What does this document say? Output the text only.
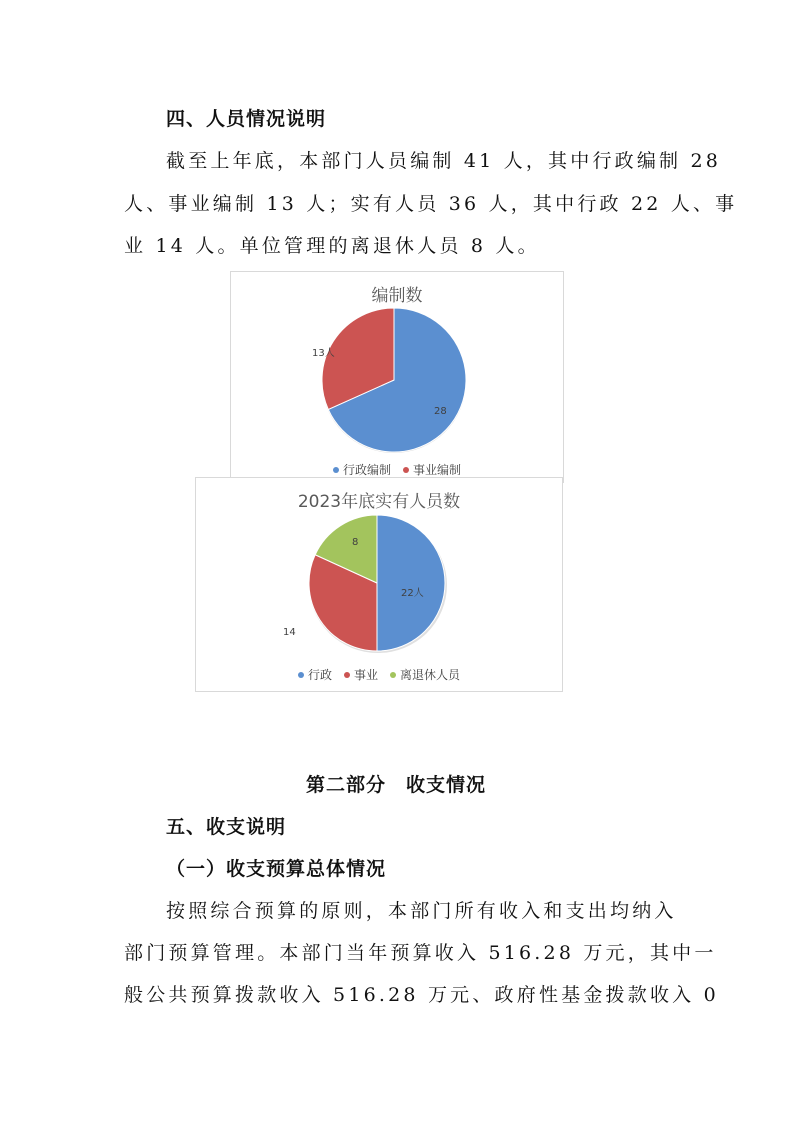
四、人员情况说明
截至上年底，本部门人员编制 41 人，其中行政编制 28
人、事业编制 13 人；实有人员 36 人，其中行政 22 人、事
业 14 人。单位管理的离退休人员 8 人。
编制数
28
13人
行政编制 事业编制
2023年底实有人员数
22人
14
8
行政 事业 离退休人员
第二部分　收支情况
五、收支说明
（一）收支预算总体情况
按照综合预算的原则，本部门所有收入和支出均纳入
部门预算管理。本部门当年预算收入 516.28 万元，其中一
般公共预算拨款收入 516.28 万元、政府性基金拨款收入 0
